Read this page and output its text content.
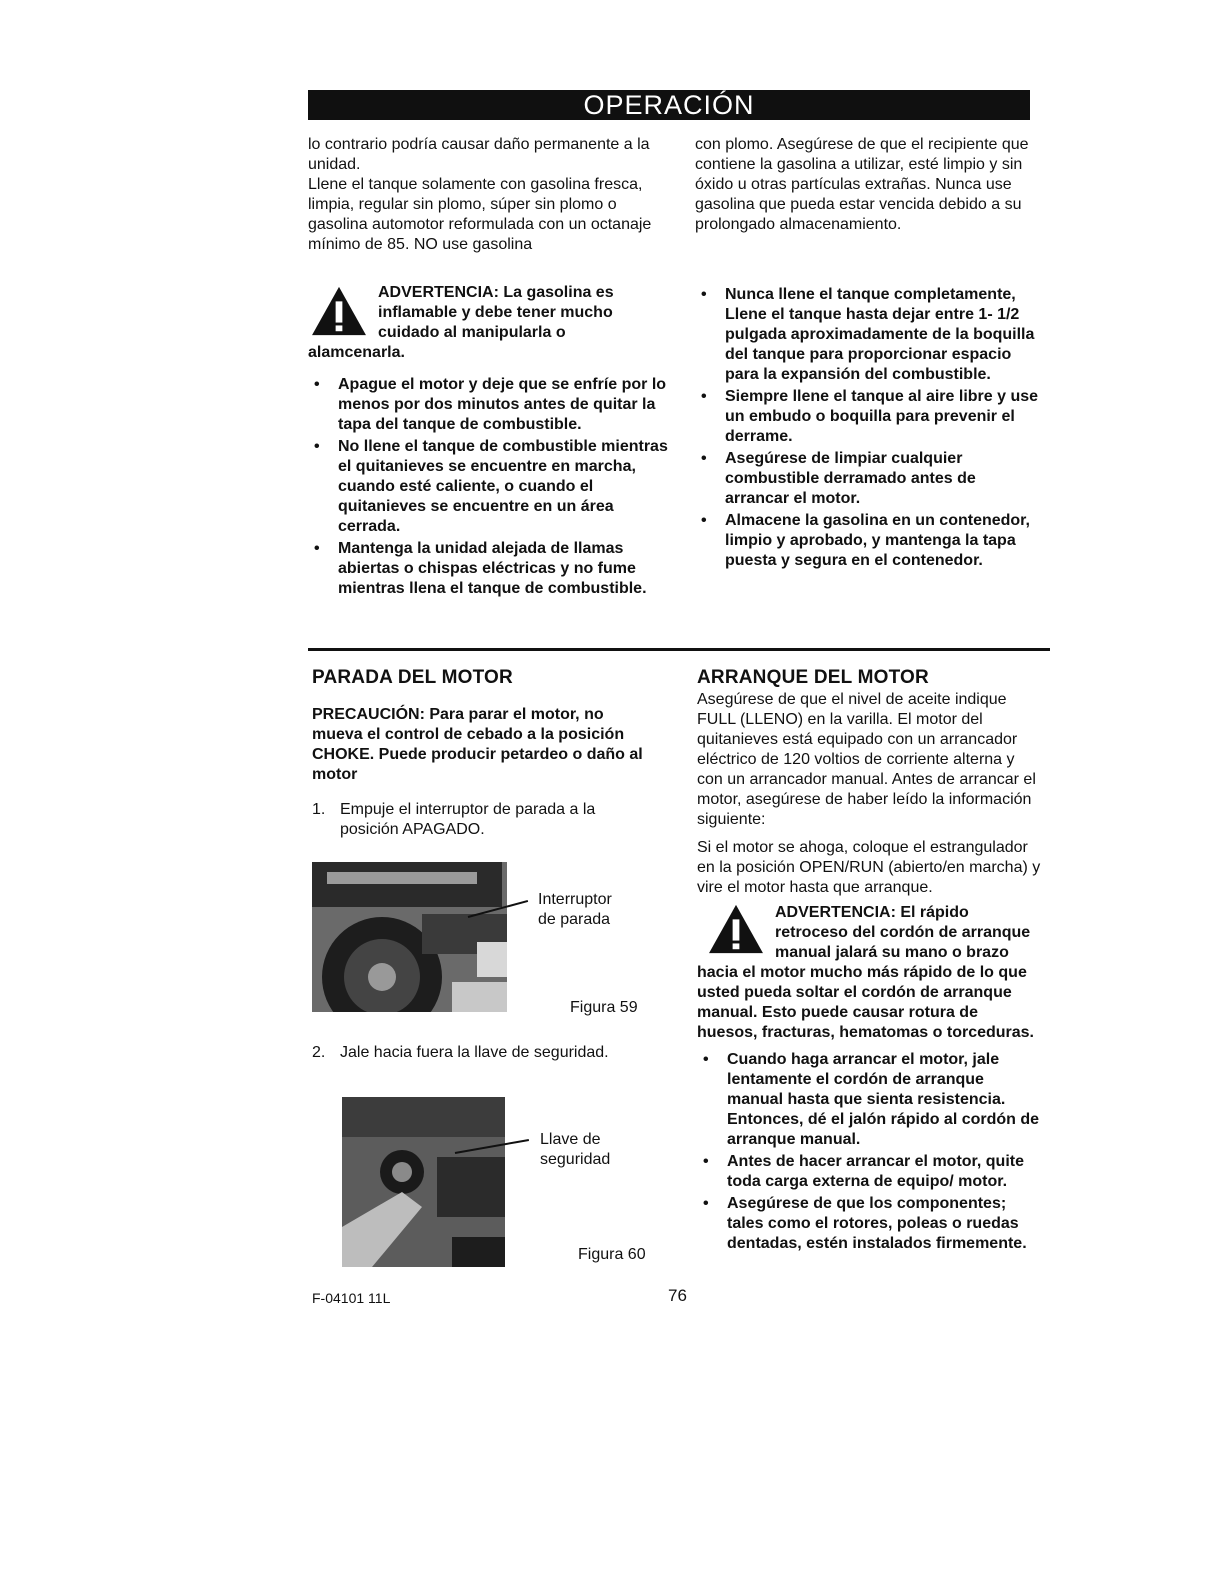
OPERACIÓN

lo contrario podría causar daño permanente a la unidad.

Llene el tanque solamente con gasolina fresca, limpia, regular sin plomo, súper sin plomo o gasolina automotor reformulada con un octanaje mínimo de 85. NO use gasolina

con plomo. Asegúrese de que el recipiente que contiene la gasolina a utilizar, esté limpio y sin óxido u otras partículas extrañas. Nunca use gasolina que pueda estar vencida debido a su prolongado almacenamiento.

ADVERTENCIA: La gasolina es inflamable y debe tener mucho cuidado al manipularla o alamcenarla.

• Apague el motor y deje que se enfríe por lo menos por dos minutos antes de quitar la tapa del tanque de combustible.
• No llene el tanque de combustible mientras el quitanieves se encuentre en marcha, cuando esté caliente, o cuando el quitanieves se encuentre en un área cerrada.
• Mantenga la unidad alejada de llamas abiertas o chispas eléctricas y no fume mientras llena el tanque de combustible.
• Nunca llene el tanque completamente, Llene el tanque hasta dejar entre 1- 1/2 pulgada aproximadamente de la boquilla del tanque para proporcionar espacio para la expansión del combustible.
• Siempre llene el tanque al aire libre y use un embudo o boquilla para prevenir el derrame.
• Asegúrese de limpiar cualquier combustible derramado antes de arrancar el motor.
• Almacene la gasolina en un contenedor, limpio y aprobado, y mantenga la tapa puesta y segura en el contenedor.
PARADA DEL MOTOR

PRECAUCIÓN: Para parar el motor, no mueva el control de cebado a la posición CHOKE. Puede producir petardeo o daño al motor

1. Empuje el interruptor de parada a la posición APAGADO.
Interruptor de parada
Figura 59
2. Jale hacia fuera la llave de seguridad.
Llave de seguridad
Figura 60
ARRANQUE DEL MOTOR

Asegúrese de que el nivel de aceite indique FULL (LLENO) en la varilla. El motor del quitanieves está equipado con un arrancador eléctrico de 120 voltios de corriente alterna y con un arrancador manual. Antes de arrancar el motor, asegúrese de haber leído la información siguiente:

Si el motor se ahoga, coloque el estrangulador en la posición OPEN/RUN (abierto/en marcha) y vire el motor hasta que arranque.

ADVERTENCIA: El rápido retroceso del cordón de arranque manual jalará su mano o brazo hacia el motor mucho más rápido de lo que usted pueda soltar el cordón de arranque manual. Esto puede causar rotura de huesos, fracturas, hematomas o torceduras.

• Cuando haga arrancar el motor, jale lentamente el cordón de arranque manual hasta que sienta resistencia. Entonces, dé el jalón rápido al cordón de arranque manual.
• Antes de hacer arrancar el motor, quite toda carga externa de equipo/ motor.
• Asegúrese de que los componentes; tales como el rotores, poleas o ruedas dentadas, estén instalados firmemente.
F-04101 11L	76
